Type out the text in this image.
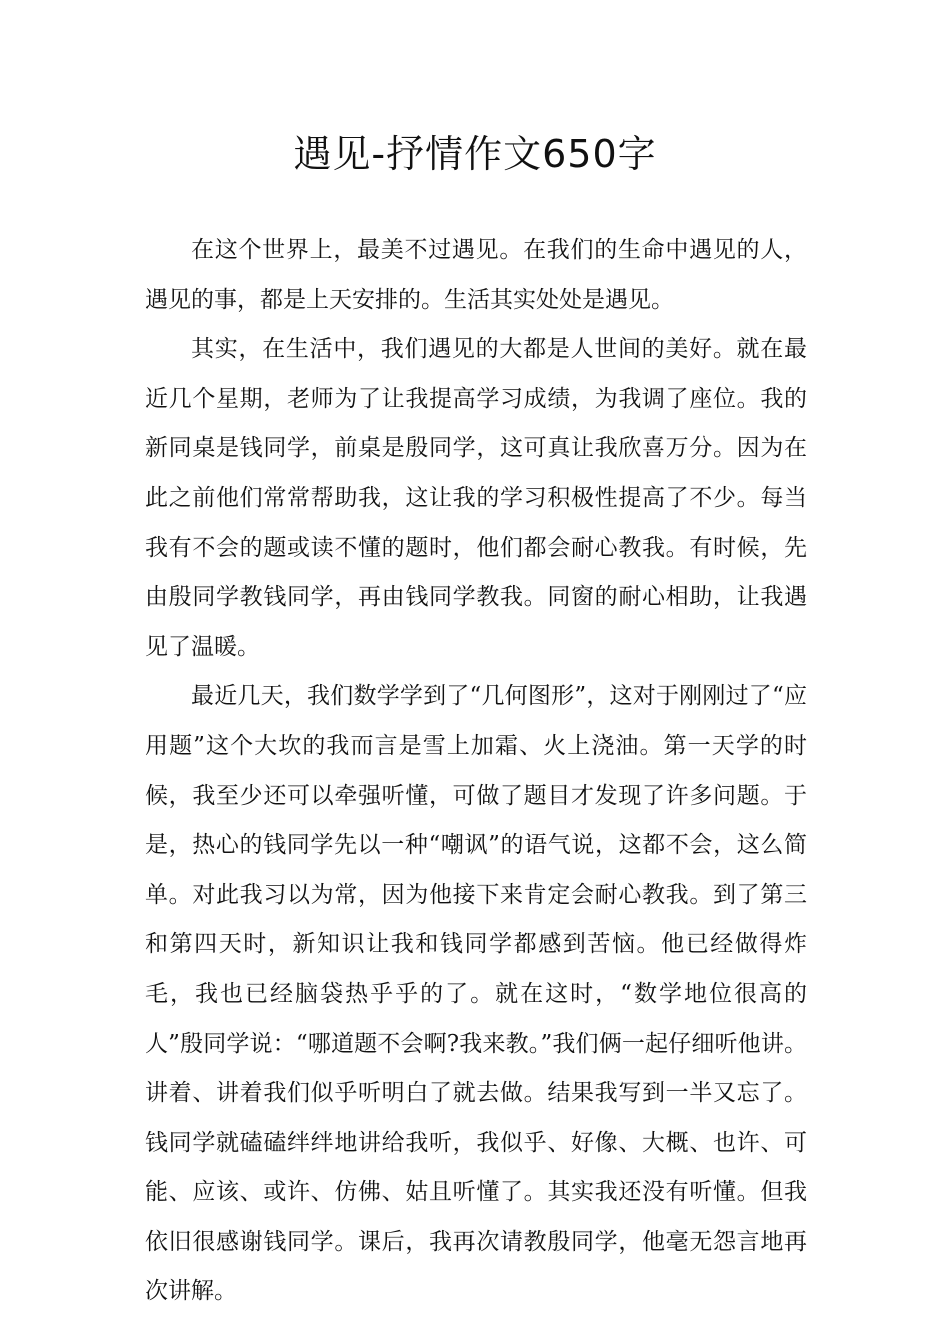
遇见-抒情作文650字

在这个世界上，最美不过遇见。在我们的生命中遇见的人，遇见的事，都是上天安排的。生活其实处处是遇见。

其实，在生活中，我们遇见的大都是人世间的美好。就在最近几个星期，老师为了让我提高学习成绩，为我调了座位。我的新同桌是钱同学，前桌是殷同学，这可真让我欣喜万分。因为在此之前他们常常帮助我，这让我的学习积极性提高了不少。每当我有不会的题或读不懂的题时，他们都会耐心教我。有时候，先由殷同学教钱同学，再由钱同学教我。同窗的耐心相助，让我遇见了温暖。

最近几天，我们数学学到了“几何图形”，这对于刚刚过了“应用题”这个大坎的我而言是雪上加霜、火上浇油。第一天学的时候，我至少还可以牵强听懂，可做了题目才发现了许多问题。于是，热心的钱同学先以一种“嘲讽”的语气说，这都不会，这么简单。对此我习以为常，因为他接下来肯定会耐心教我。到了第三和第四天时，新知识让我和钱同学都感到苦恼。他已经做得炸毛，我也已经脑袋热乎乎的了。就在这时，“数学地位很高的人”殷同学说：“哪道题不会啊?我来教。”我们俩一起仔细听他讲。讲着、讲着我们似乎听明白了就去做。结果我写到一半又忘了。钱同学就磕磕绊绊地讲给我听，我似乎、好像、大概、也许、可能、应该、或许、仿佛、姑且听懂了。其实我还没有听懂。但我依旧很感谢钱同学。课后，我再次请教殷同学，他毫无怨言地再次讲解。
